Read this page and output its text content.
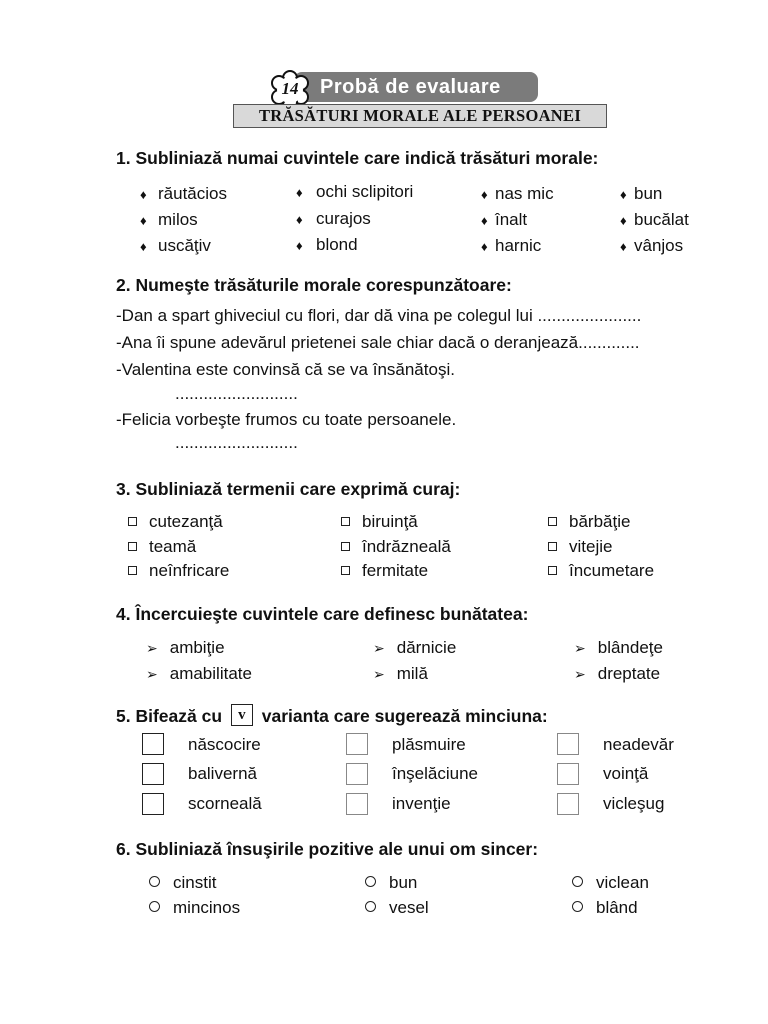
14 Probă de evaluare
TRĂSĂTURI MORALE ALE PERSOANEI
1. Subliniază numai cuvintele care indică trăsături morale:
♦ răutăcios
♦ milos
♦ uscăţiv
♦ ochi sclipitori
♦ curajos
♦ blond
♦ nas mic
♦ înalt
♦ harnic
♦ bun
♦ bucălat
♦ vânjos
2. Numeşte trăsăturile morale corespunzătoare:
-Dan a spart ghiveciul cu flori, dar dă vina pe colegul lui ......................
-Ana îi spune adevărul prietenei sale chiar dacă o deranjează.............
-Valentina este convinsă că se va însănătoşi.
..........................
-Felicia vorbeşte frumos cu toate persoanele.
..........................
3. Subliniază termenii care exprimă curaj:
cutezanţă
teamă
neînfricare
biruinţă
îndrăzneală
fermitate
bărbăţie
vitejie
încumetare
4. Încercuieşte cuvintele care definesc bunătatea:
➢ ambiţie
➢ amabilitate
➢ dărnicie
➢ milă
➢ blândeţe
➢ dreptate
5. Bifează cu v varianta care sugerează minciuna:
născocire
balivernă
scorneală
plăsmuire
înşelăciune
invenţie
neadevăr
voinţă
vicleşug
6. Subliniază însuşirile pozitive ale unui om sincer:
cinstit
mincinos
bun
vesel
viclean
blând
